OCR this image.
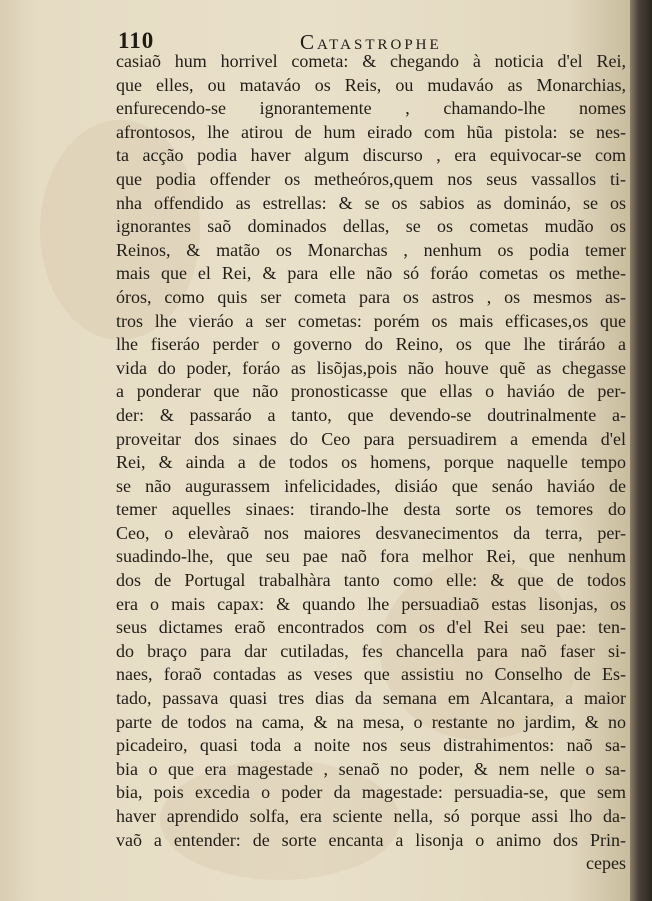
110	Catastrophe
casiaõ hum horrivel cometa: & chegando à noticia d'el Rei,
que elles, ou mataváo os Reis, ou mudaváo as Monarchias,
enfurecendo-se ignorantemente , chamando-lhe nomes
afrontosos, lhe atirou de hum eirado com hũa pistola: se nes-
ta acção podia haver algum discurso , era equivocar-se com
que podia offender os metheóros,quem nos seus vassallos ti-
nha offendido as estrellas: & se os sabios as domináo, se os
ignorantes saõ dominados dellas, se os cometas mudão os
Reinos, & matão os Monarchas , nenhum os podia temer
mais que el Rei, & para elle não só foráo cometas os methe-
óros, como quis ser cometa para os astros , os mesmos as-
tros lhe vieráo a ser cometas: porém os mais efficases,os que
lhe fiseráo perder o governo do Reino, os que lhe tiráráo a
vida do poder, foráo as lisõjas,pois não houve quẽ as chegasse
a ponderar que não pronosticasse que ellas o haviáo de per-
der: & passaráo a tanto, que devendo-se doutrinalmente a-
proveitar dos sinaes do Ceo para persuadirem a emenda d'el
Rei, & ainda a de todos os homens, porque naquelle tempo
se não augurassem infelicidades, disiáo que senáo haviáo de
temer aquelles sinaes: tirando-lhe desta sorte os temores do
Ceo, o elevàraõ nos maiores desvanecimentos da terra, per-
suadindo-lhe, que seu pae naõ fora melhor Rei, que nenhum
dos de Portugal trabalhàra tanto como elle: & que de todos
era o mais capax: & quando lhe persuadiaõ estas lisonjas, os
seus dictames eraõ encontrados com os d'el Rei seu pae: ten-
do braço para dar cutiladas, fes chancella para naõ faser si-
naes, foraõ contadas as veses que assistiu no Conselho de Es-
tado, passava quasi tres dias da semana em Alcantara, a maior
parte de todos na cama, & na mesa, o restante no jardim, & no
picadeiro, quasi toda a noite nos seus distrahimentos: naõ sa-
bia o que era magestade , senaõ no poder, & nem nelle o sa-
bia, pois excedia o poder da magestade: persuadia-se, que sem
haver aprendido solfa, era sciente nella, só porque assi lho da-
vaõ a entender: de sorte encanta a lisonja o animo dos Prin-
cepes
